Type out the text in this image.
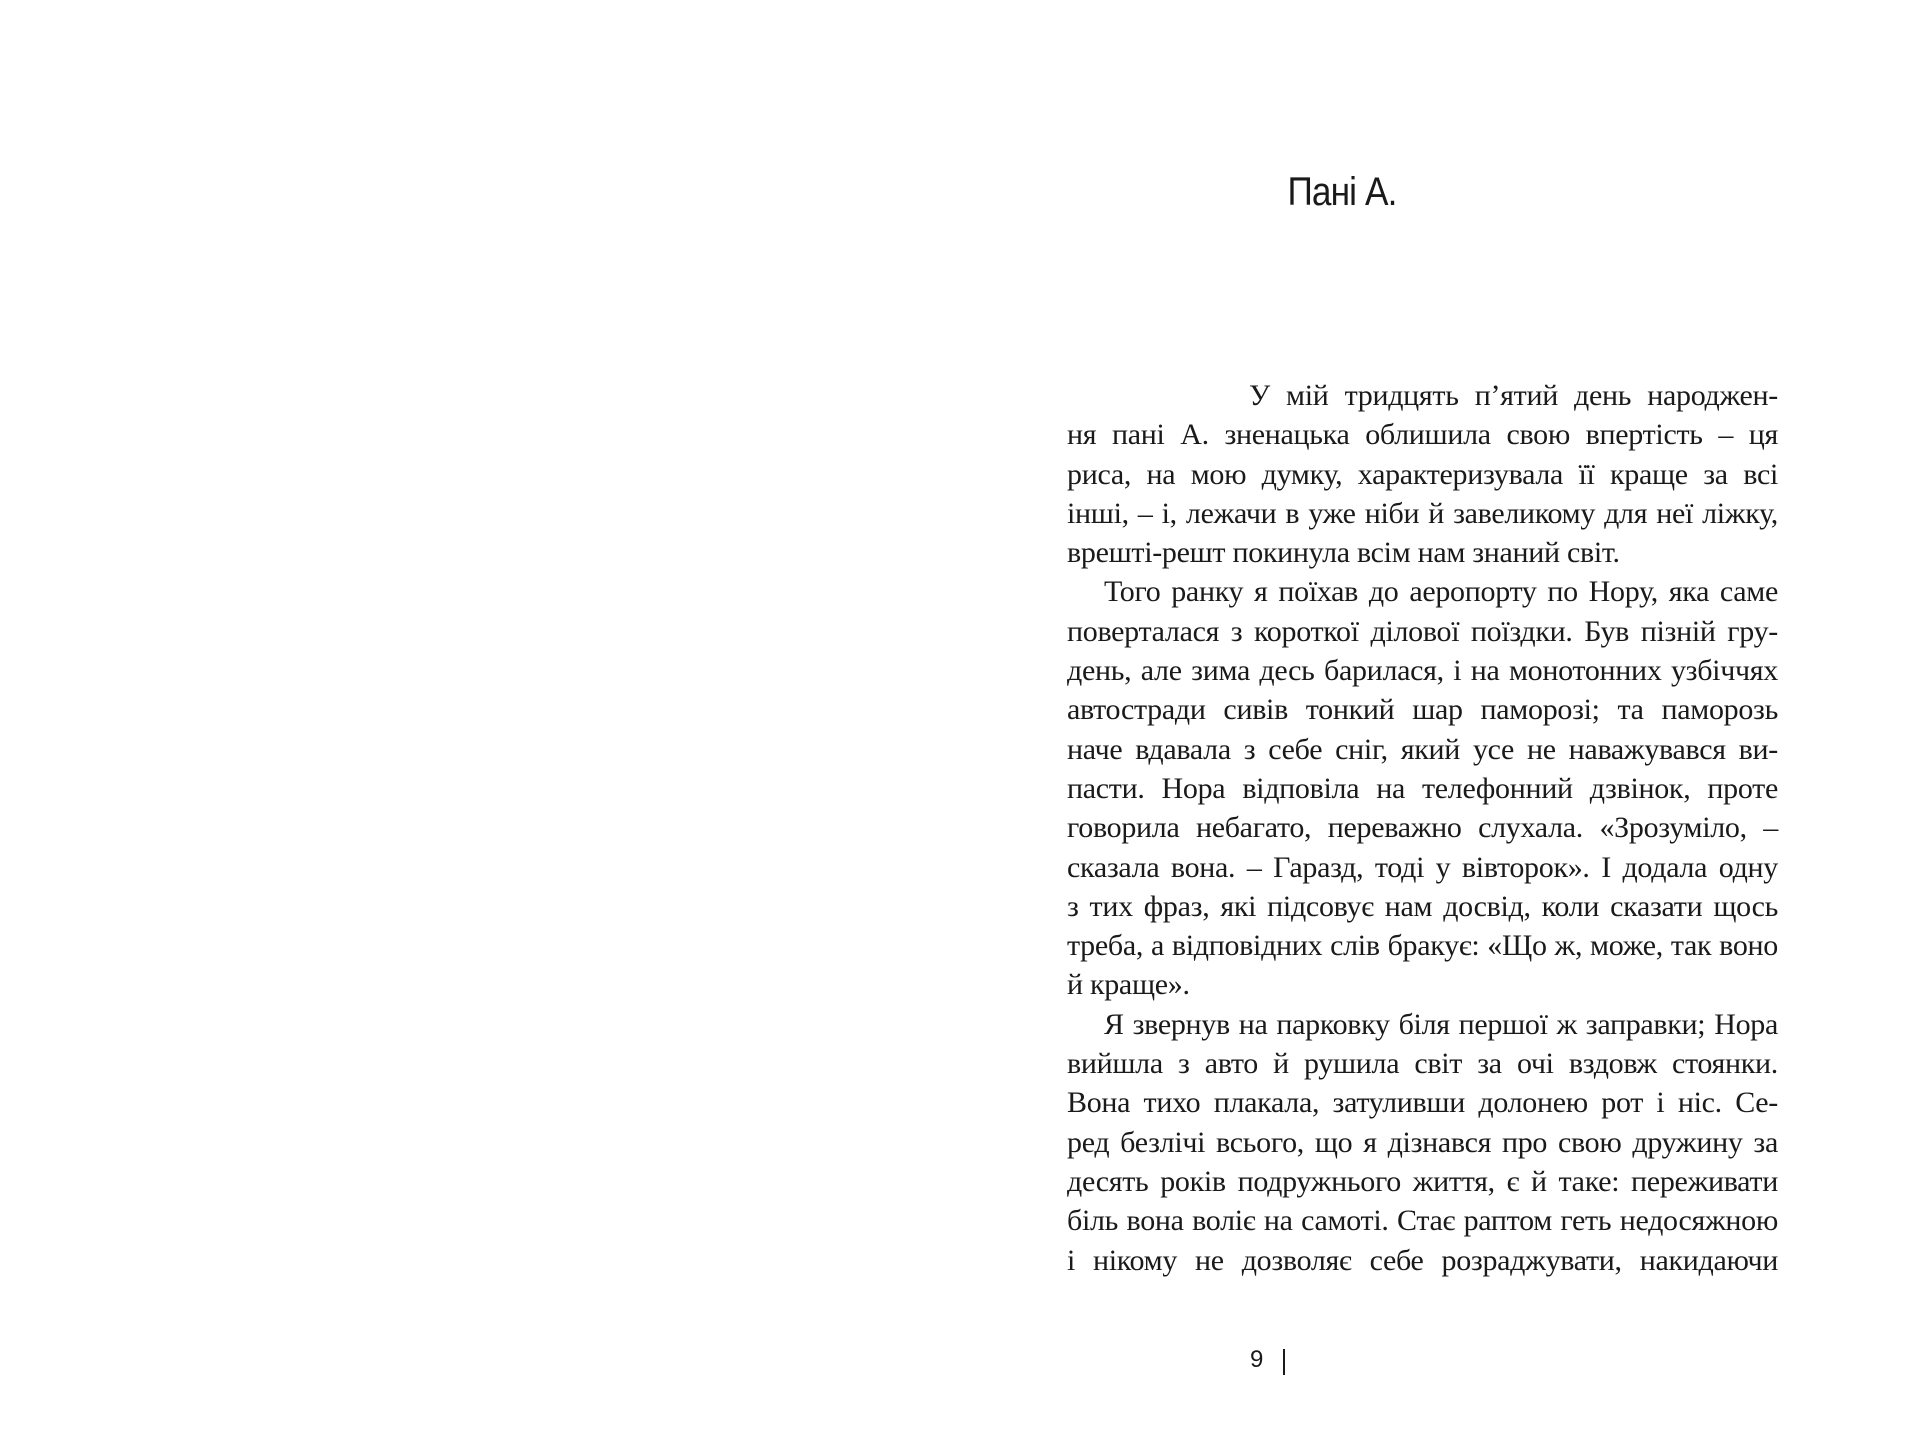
Пані А.
У мій тридцять п’ятий день народжен-
ня пані А. зненацька облишила свою впертість – ця
риса, на мою думку, характеризувала її краще за всі
інші, – і, лежачи в уже ніби й завеликому для неї ліжку,
врешті-решт покинула всім нам знаний світ.
Того ранку я поїхав до аеропорту по Нору, яка саме
поверталася з короткої ділової поїздки. Був пізній гру-
день, але зима десь барилася, і на монотонних узбіччях
автостради сивів тонкий шар паморозі; та паморозь
наче вдавала з себе сніг, який усе не наважувався ви-
пасти. Нора відповіла на телефонний дзвінок, проте
говорила небагато, переважно слухала. «Зрозуміло, –
сказала вона. – Гаразд, тоді у вівторок». І додала одну
з тих фраз, які підсовує нам досвід, коли сказати щось
треба, а відповідних слів бракує: «Що ж, може, так воно
й краще».
Я звернув на парковку біля першої ж заправки; Нора
вийшла з авто й рушила світ за очі вздовж стоянки.
Вона тихо плакала, затуливши долонею рот і ніс. Се-
ред безлічі всього, що я дізнався про свою дружину за
десять років подружнього життя, є й таке: переживати
біль вона воліє на самоті. Стає раптом геть недосяжною
і нікому не дозволяє себе розраджувати, накидаючи
9
